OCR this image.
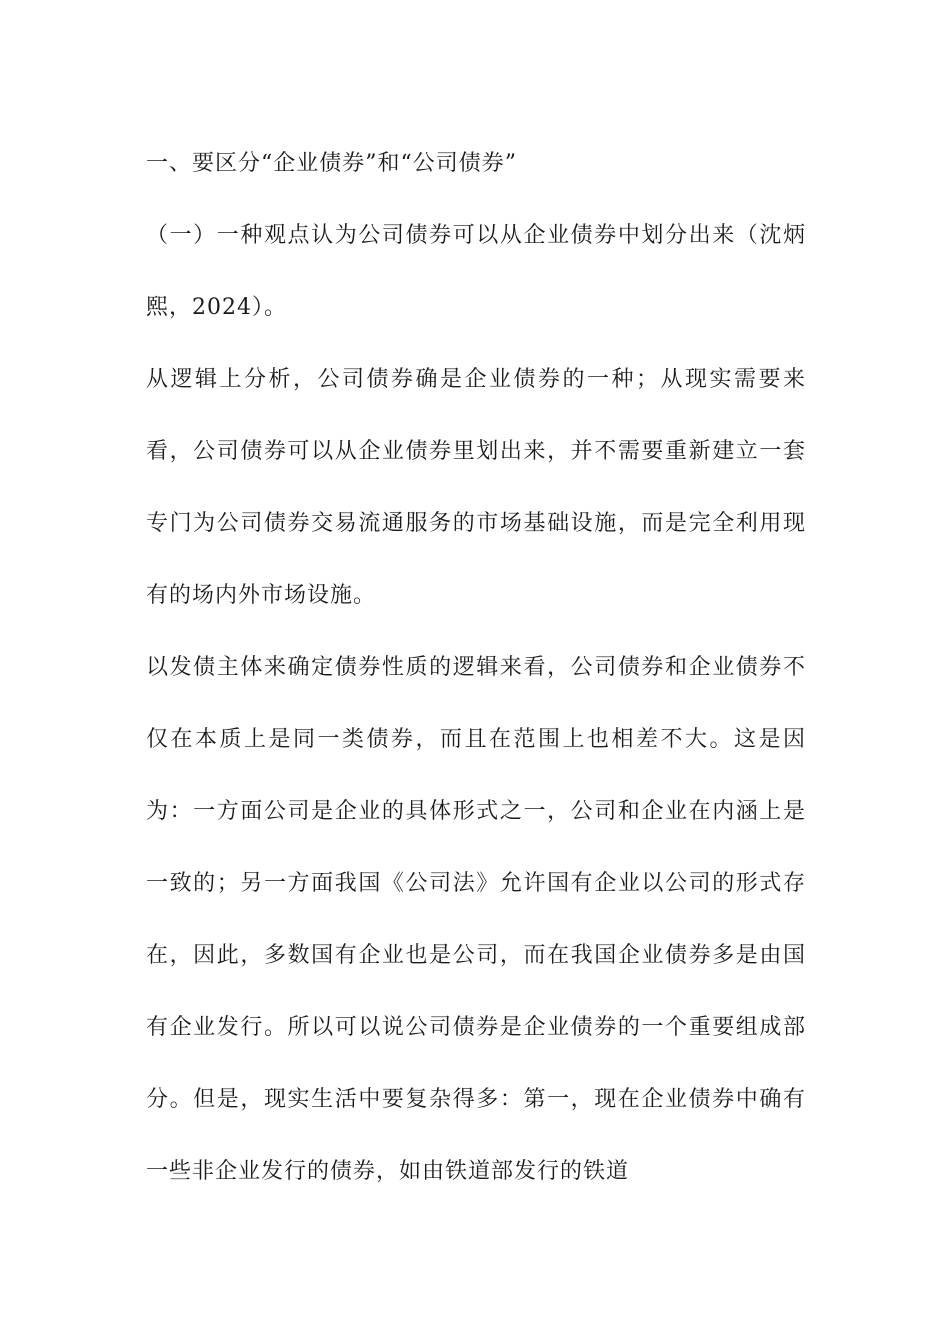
一、要区分“企业债券”和“公司债券”

（一）一种观点认为公司债券可以从企业债券中划分出来（沈炳熙，2024）。

从逻辑上分析，公司债券确是企业债券的一种；从现实需要来看，公司债券可以从企业债券里划出来，并不需要重新建立一套专门为公司债券交易流通服务的市场基础设施，而是完全利用现有的场内外市场设施。

以发债主体来确定债券性质的逻辑来看，公司债券和企业债券不仅在本质上是同一类债券，而且在范围上也相差不大。这是因为：一方面公司是企业的具体形式之一，公司和企业在内涵上是一致的；另一方面我国《公司法》允许国有企业以公司的形式存在，因此，多数国有企业也是公司，而在我国企业债券多是由国有企业发行。所以可以说公司债券是企业债券的一个重要组成部分。但是，现实生活中要复杂得多：第一，现在企业债券中确有一些非企业发行的债券，如由铁道部发行的铁道
